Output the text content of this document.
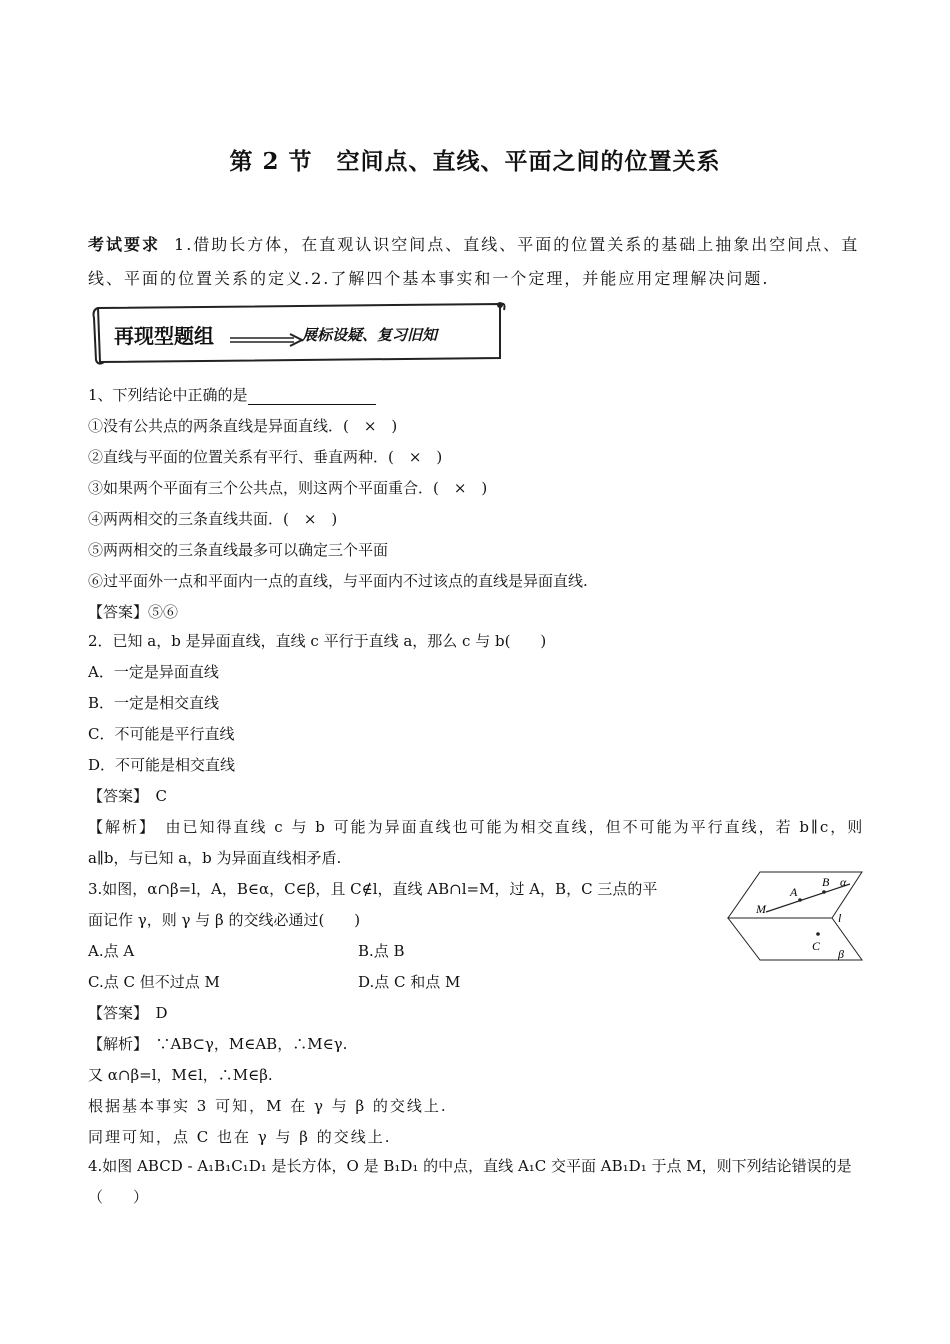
第 2 节　空间点、直线、平面之间的位置关系
考试要求 1.借助长方体，在直观认识空间点、直线、平面的位置关系的基础上抽象出空间点、直线、平面的位置关系的定义.2.了解四个基本事实和一个定理，并能应用定理解决问题.
再现型题组	展标设疑、复习旧知
1、下列结论中正确的是
①没有公共点的两条直线是异面直线．(　×　)
②直线与平面的位置关系有平行、垂直两种．(　×　)
③如果两个平面有三个公共点，则这两个平面重合．(　×　)
④两两相交的三条直线共面．(　×　)
⑤两两相交的三条直线最多可以确定三个平面
⑥过平面外一点和平面内一点的直线，与平面内不过该点的直线是异面直线.
【答案】⑤⑥
2．已知 a，b 是异面直线，直线 c 平行于直线 a，那么 c 与 b(　　)
A．一定是异面直线
B．一定是相交直线
C．不可能是平行直线
D．不可能是相交直线
【答案】　C
【解析】　由已知得直线 c 与 b 可能为异面直线也可能为相交直线，但不可能为平行直线，若 b∥c，则
a∥b，与已知 a，b 为异面直线相矛盾.
3.如图，α∩β=l，A，B∈α，C∈β，且 C∉l，直线 AB∩l=M，过 A，B，C 三点的平
面记作 γ，则 γ 与 β 的交线必通过(　　)
A.点 A	B.点 B
C.点 C 但不过点 M	D.点 C 和点 M
【答案】　D
【解析】　∵AB⊂γ，M∈AB，∴M∈γ.
又 α∩β=l，M∈l，∴M∈β.
根据基本事实 3 可知，M 在 γ 与 β 的交线上.
同理可知，点 C 也在 γ 与 β 的交线上.
M
A
B α
l
C
β
4.如图 ABCD - A₁B₁C₁D₁ 是长方体，O 是 B₁D₁ 的中点，直线 A₁C 交平面 AB₁D₁ 于点 M，则下列结论错误的是
（　　）
